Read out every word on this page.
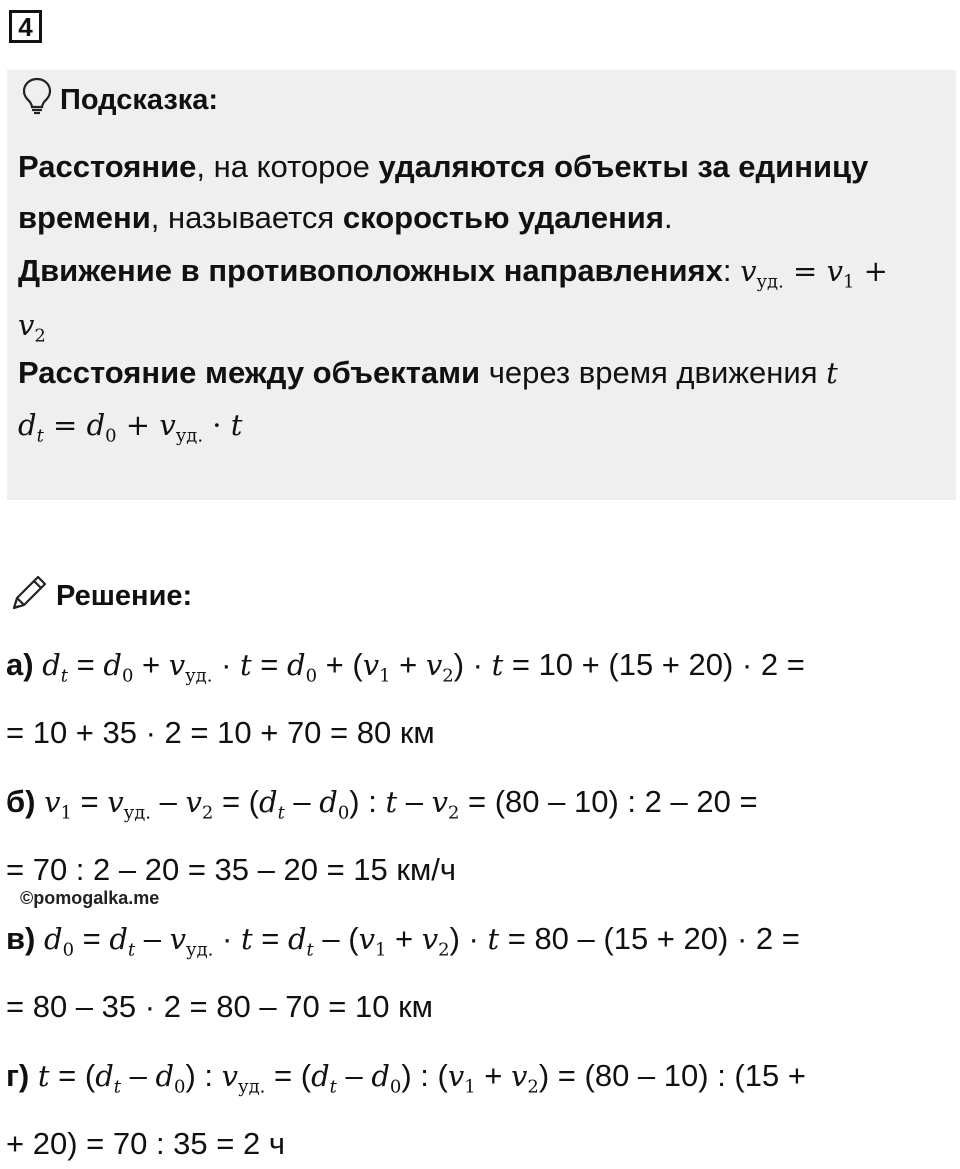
4
Подсказка:
Расстояние, на которое удаляются объекты за единицу
времени, называется скоростью удаления.
Движение в противоположных направлениях: $v_{уд.} = v_1$ +
$v_2$
Расстояние между объектами через время движения t
$d_t = d_0 + v_{уд.} \cdot t$
Решение:
а) $d_t = d_0 + v_{уд.} \cdot t = d_0 + (v_1 + v_2) \cdot t = 10 + (15 + 20) \cdot 2$ =
= 10 + 35 · 2 = 10 + 70 = 80 км
б) $v_1 = v_{уд.} - v_2 = (d_t - d_0)$ : $t - v_2 = (80 - 10)$ : 2 – 20 =
= 70 : 2 – 20 = 35 – 20 = 15 км/ч
©pomogalka.me
в) $d_0 = d_t - v_{уд.} \cdot t = d_t - (v_1 + v_2) \cdot t = 80 - (15 + 20) \cdot 2$ =
= 80 – 35 · 2 = 80 – 70 = 10 км
г) $t = (d_t - d_0)$ : $v_{уд.} = (d_t - d_0)$ : $(v_1 + v_2) = (80 - 10)$ : (15 +
+ 20) = 70 : 35 = 2 ч
